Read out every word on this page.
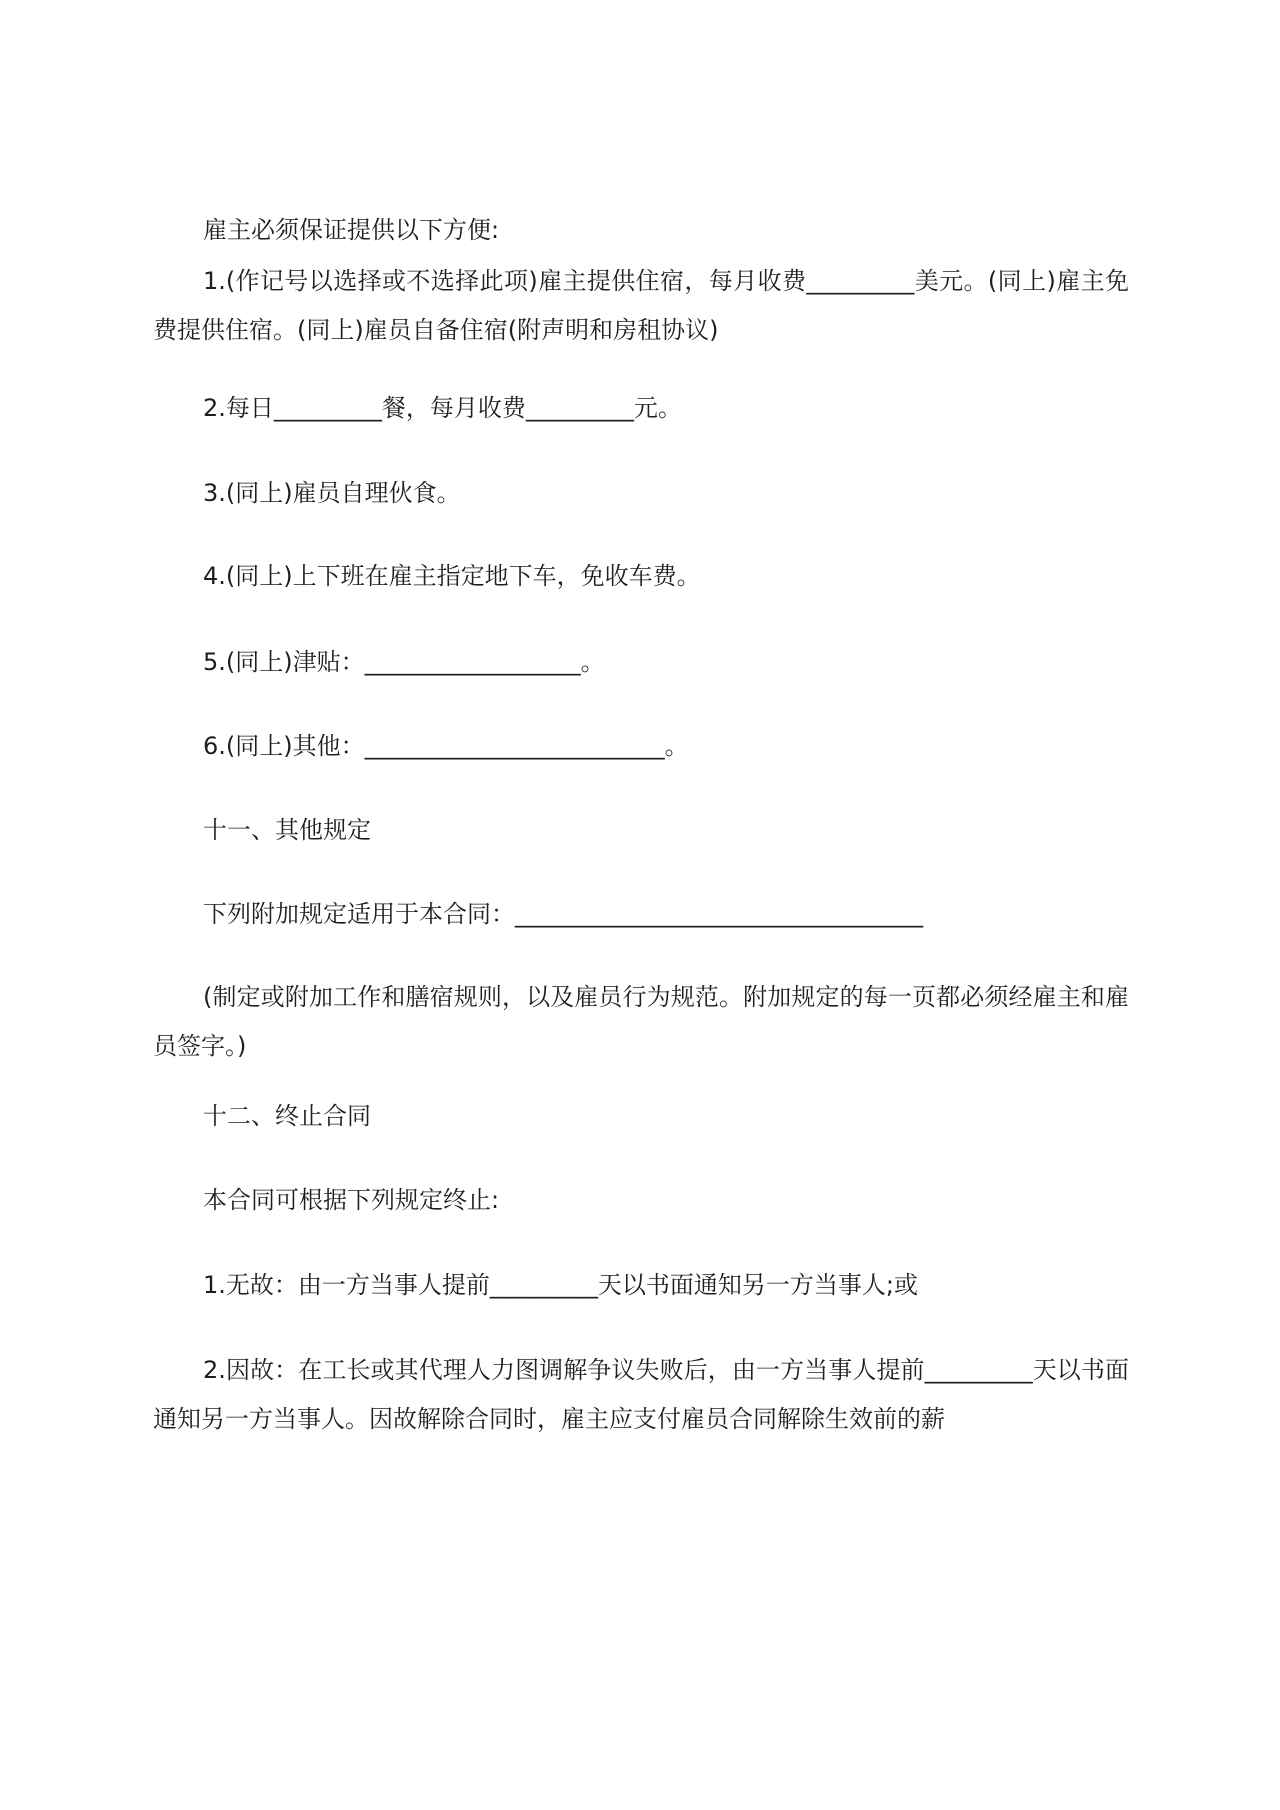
雇主必须保证提供以下方便:

1.(作记号以选择或不选择此项)雇主提供住宿，每月收费_________美元。(同上)雇主免费提供住宿。(同上)雇员自备住宿(附声明和房租协议)

2.每日_________餐，每月收费_________元。

3.(同上)雇员自理伙食。

4.(同上)上下班在雇主指定地下车，免收车费。

5.(同上)津贴：__________________。

6.(同上)其他：_________________________。

十一、其他规定

下列附加规定适用于本合同：__________________________________

(制定或附加工作和膳宿规则，以及雇员行为规范。附加规定的每一页都必须经雇主和雇员签字。)

十二、终止合同

本合同可根据下列规定终止:

1.无故：由一方当事人提前_________天以书面通知另一方当事人;或

2.因故：在工长或其代理人力图调解争议失败后，由一方当事人提前_________天以书面通知另一方当事人。因故解除合同时，雇主应支付雇员合同解除生效前的薪
